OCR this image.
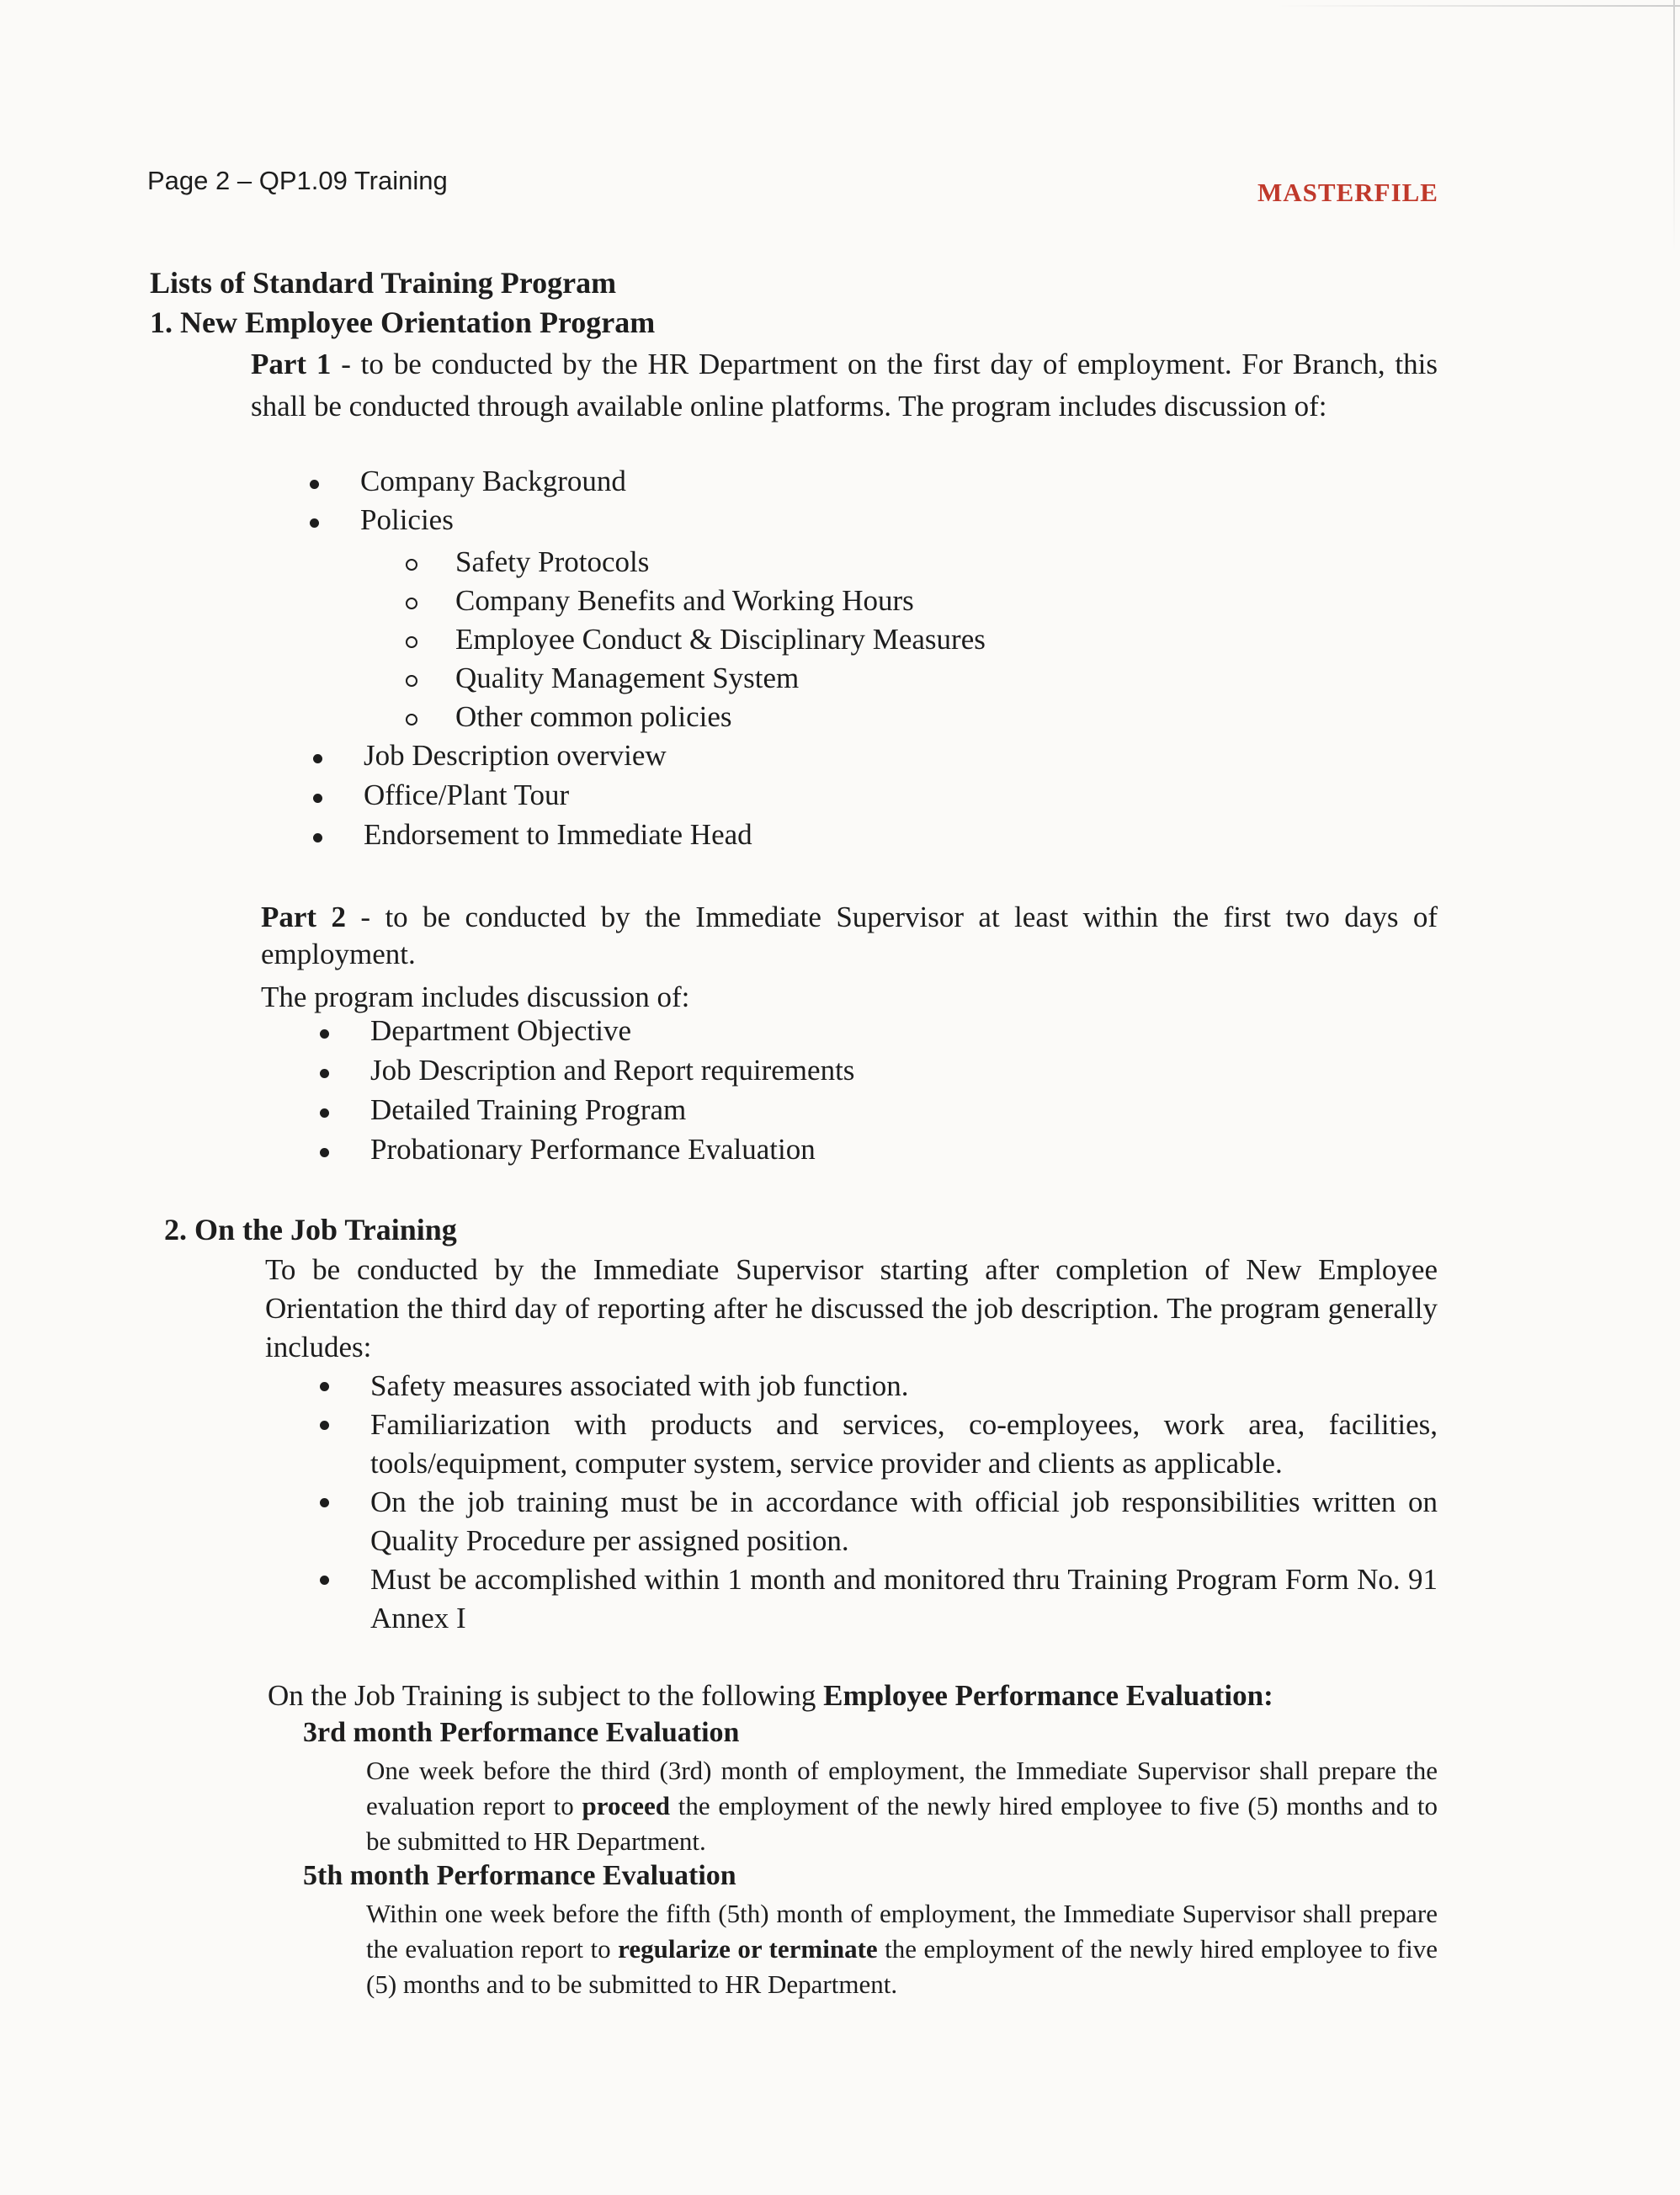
Page 2 – QP1.09 Training	MASTERFILE
Lists of Standard Training Program
1. New Employee Orientation Program
Part 1 - to be conducted by the HR Department on the first day of employment. For Branch, this shall be conducted through available online platforms. The program includes discussion of:
Company Background
Policies
Safety Protocols
Company Benefits and Working Hours
Employee Conduct & Disciplinary Measures
Quality Management System
Other common policies
Job Description overview
Office/Plant Tour
Endorsement to Immediate Head
Part 2 - to be conducted by the Immediate Supervisor at least within the first two days of employment.
The program includes discussion of:
Department Objective
Job Description and Report requirements
Detailed Training Program
Probationary Performance Evaluation
2. On the Job Training
To be conducted by the Immediate Supervisor starting after completion of New Employee Orientation the third day of reporting after he discussed the job description. The program generally includes:
Safety measures associated with job function.
Familiarization with products and services, co-employees, work area, facilities, tools/equipment, computer system, service provider and clients as applicable.
On the job training must be in accordance with official job responsibilities written on Quality Procedure per assigned position.
Must be accomplished within 1 month and monitored thru Training Program Form No. 91 Annex I
On the Job Training is subject to the following Employee Performance Evaluation:
3rd month Performance Evaluation
One week before the third (3rd) month of employment, the Immediate Supervisor shall prepare the evaluation report to proceed the employment of the newly hired employee to five (5) months and to be submitted to HR Department.
5th month Performance Evaluation
Within one week before the fifth (5th) month of employment, the Immediate Supervisor shall prepare the evaluation report to regularize or terminate the employment of the newly hired employee to five (5) months and to be submitted to HR Department.
